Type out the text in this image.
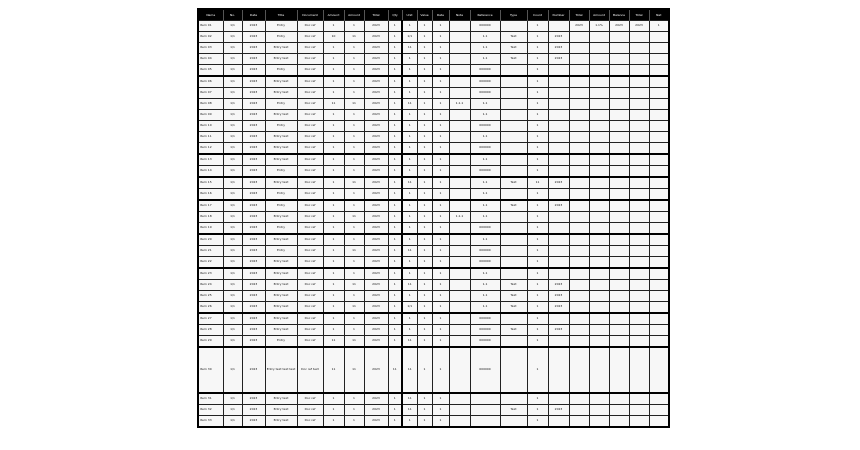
Name	No.	Date	Title	Document	Amount	Amount	Total	Qty	Unit	Value	Rate	Note	Reference	Type	Count	Number	Total	Amount	Balance	Total	Net
Item 01	1/1	2023	Entry	Doc ref	1	1	2023	1	1	1	1		000000		1		2023	1.1%	2023	2023	1
Item 02	1/1	2023	Entry	Doc ref	10	11	2023	1	1/1	1	1		1.1	Text	1	2023					
Item 03	1/1	2023	Entry text	Doc ref	1	1	2023	1	11	1	1		1.1	Text	1	2023					
Item 04	1/1	2023	Entry text	Doc ref	1	1	2023	1	1	1	1		1.1	Text	1	2023					
Item 05	1/1	2023	Entry	Doc ref	1	1	2023	1	1	1	1		000000		1						
Item 06	1/1	2023	Entry text	Doc ref	1	1	2023	1	1	1	1		000000		1						
Item 07	1/1	2023	Entry text	Doc ref	1	1	2023	1	1	1	1		000000		1						
Item 08	1/1	2023	Entry	Doc ref	11	11	2023	1	11	1	1	1.1.1	1.1		1						
Item 09	1/1	2023	Entry text	Doc ref	1	1	2023	1	1	1	1		1.1		1						
Item 10	1/1	2023	Entry	Doc ref	1	1	2023	1	1	1	1		000000		1						
Item 11	1/1	2023	Entry text	Doc ref	1	1	2023	1	1	1	1		1.1		1						
Item 12	1/1	2023	Entry text	Doc ref	1	1	2023	1	1	1	1		000000		1						
Item 13	1/1	2023	Entry text	Doc ref	1	1	2023	1	1	1	1		1.1		1						
Item 14	1/1	2023	Entry	Doc ref	1	1	2023	1	1	1	1		000000		1						
Item 15	1/1	2023	Entry text	Doc ref	1	11	2023	1	11	1	1		1.1	Text	11	2023					
Item 16	1/1	2023	Entry	Doc ref	1	1	2023	1	1	1	1		1.1		1						
Item 17	1/1	2023	Entry	Doc ref	1	1	2023	1	1	1	1		1.1	Text	1	2023					
Item 18	1/1	2023	Entry text	Doc ref	1	11	2023	1	1	1	1	1.1.1	1.1		1						
Item 19	1/1	2023	Entry	Doc ref	1	1	2023	1	1	1	1		000000		1						
Item 20	1/1	2023	Entry text	Doc ref	1	1	2023	1	1	1	1		1.1		1						
Item 21	1/1	2023	Entry	Doc ref	1	11	2023	1	11	1	1		000000		1						
Item 22	1/1	2023	Entry text	Doc ref	1	1	2023	1	1	1	1		000000		1						
Item 23	1/1	2023	Entry text	Doc ref	1	1	2023	1	1	1	1		1.1		1						
Item 24	1/1	2023	Entry text	Doc ref	1	11	2023	1	11	1	1		1.1	Text	1	2023					
Item 25	1/1	2023	Entry text	Doc ref	1	1	2023	1	1	1	1		1.1	Text	1	2023					
Item 26	1/1	2023	Entry text	Doc ref	1	11	2023	1	1/1	1	1		1.1	Text	1	2023					
Item 27	1/1	2023	Entry text	Doc ref	1	1	2023	1	1	1	1		000000		1						
Item 28	1/1	2023	Entry text	Doc ref	1	1	2023	1	1	1	1		000000	Text	1	2023					
Item 29	1/1	2023	Entry	Doc ref	11	11	2023	1	11	1	1		000000		1						
Item 30	1/1	2023	Entry text text text	Doc ref text	11	11	2023	11	11	1	1		000000		1						
Item 31	1/1	2023	Entry text	Doc ref	1	1	2023	1	11	1	1				1						
Item 32	1/1	2023	Entry text	Doc ref	1	1	2023	1	11	1	1			Text	1	2023					
Item 33	1/1	2023	Entry text	Doc ref	1	1	2023	1	1	1	1				1						
